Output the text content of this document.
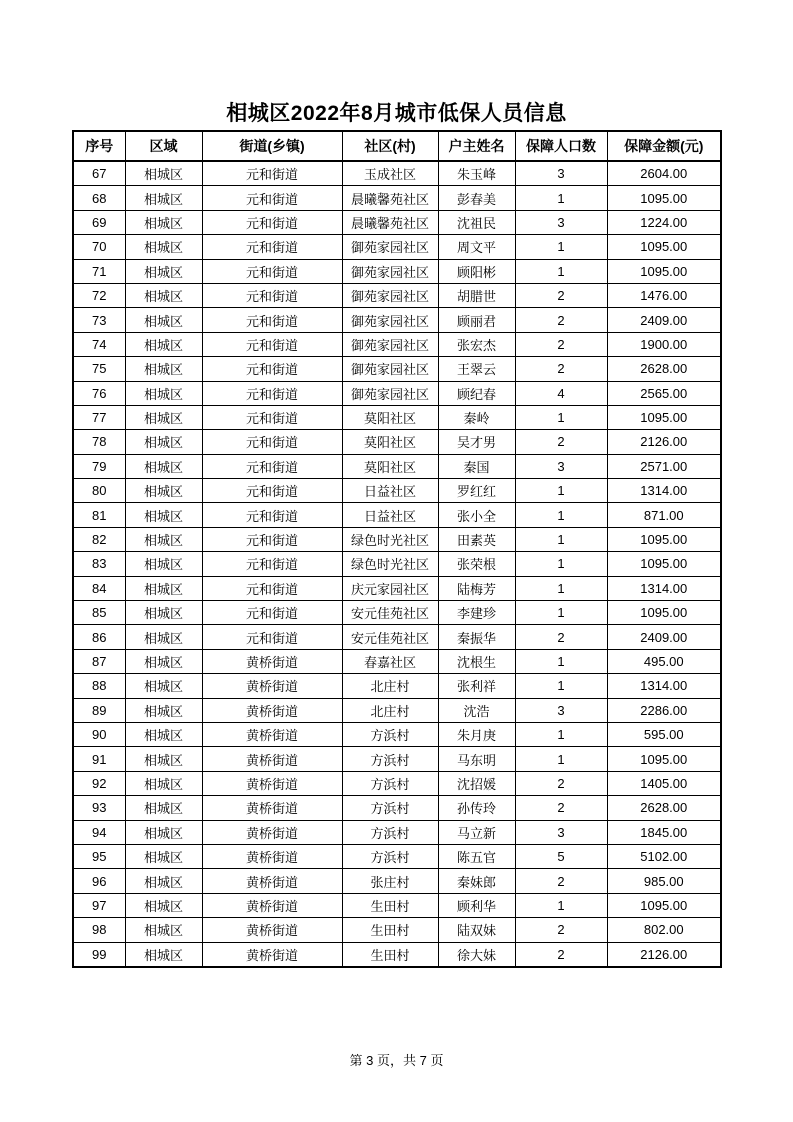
相城区2022年8月城市低保人员信息
序号	区域	街道(乡镇)	社区(村)	户主姓名	保障人口数	保障金额(元)
67	相城区	元和街道	玉成社区	朱玉峰	3	2604.00
68	相城区	元和街道	晨曦馨苑社区	彭春美	1	1095.00
69	相城区	元和街道	晨曦馨苑社区	沈祖民	3	1224.00
70	相城区	元和街道	御苑家园社区	周文平	1	1095.00
71	相城区	元和街道	御苑家园社区	顾阳彬	1	1095.00
72	相城区	元和街道	御苑家园社区	胡腊世	2	1476.00
73	相城区	元和街道	御苑家园社区	顾丽君	2	2409.00
74	相城区	元和街道	御苑家园社区	张宏杰	2	1900.00
75	相城区	元和街道	御苑家园社区	王翠云	2	2628.00
76	相城区	元和街道	御苑家园社区	顾纪春	4	2565.00
77	相城区	元和街道	莫阳社区	秦岭	1	1095.00
78	相城区	元和街道	莫阳社区	吴才男	2	2126.00
79	相城区	元和街道	莫阳社区	秦国	3	2571.00
80	相城区	元和街道	日益社区	罗红红	1	1314.00
81	相城区	元和街道	日益社区	张小全	1	871.00
82	相城区	元和街道	绿色时光社区	田素英	1	1095.00
83	相城区	元和街道	绿色时光社区	张荣根	1	1095.00
84	相城区	元和街道	庆元家园社区	陆梅芳	1	1314.00
85	相城区	元和街道	安元佳苑社区	李建珍	1	1095.00
86	相城区	元和街道	安元佳苑社区	秦振华	2	2409.00
87	相城区	黄桥街道	春嘉社区	沈根生	1	495.00
88	相城区	黄桥街道	北庄村	张利祥	1	1314.00
89	相城区	黄桥街道	北庄村	沈浩	3	2286.00
90	相城区	黄桥街道	方浜村	朱月庚	1	595.00
91	相城区	黄桥街道	方浜村	马东明	1	1095.00
92	相城区	黄桥街道	方浜村	沈招媛	2	1405.00
93	相城区	黄桥街道	方浜村	孙传玲	2	2628.00
94	相城区	黄桥街道	方浜村	马立新	3	1845.00
95	相城区	黄桥街道	方浜村	陈五官	5	5102.00
96	相城区	黄桥街道	张庄村	秦妹郎	2	985.00
97	相城区	黄桥街道	生田村	顾利华	1	1095.00
98	相城区	黄桥街道	生田村	陆双妹	2	802.00
99	相城区	黄桥街道	生田村	徐大妹	2	2126.00
第 3 页，共 7 页
